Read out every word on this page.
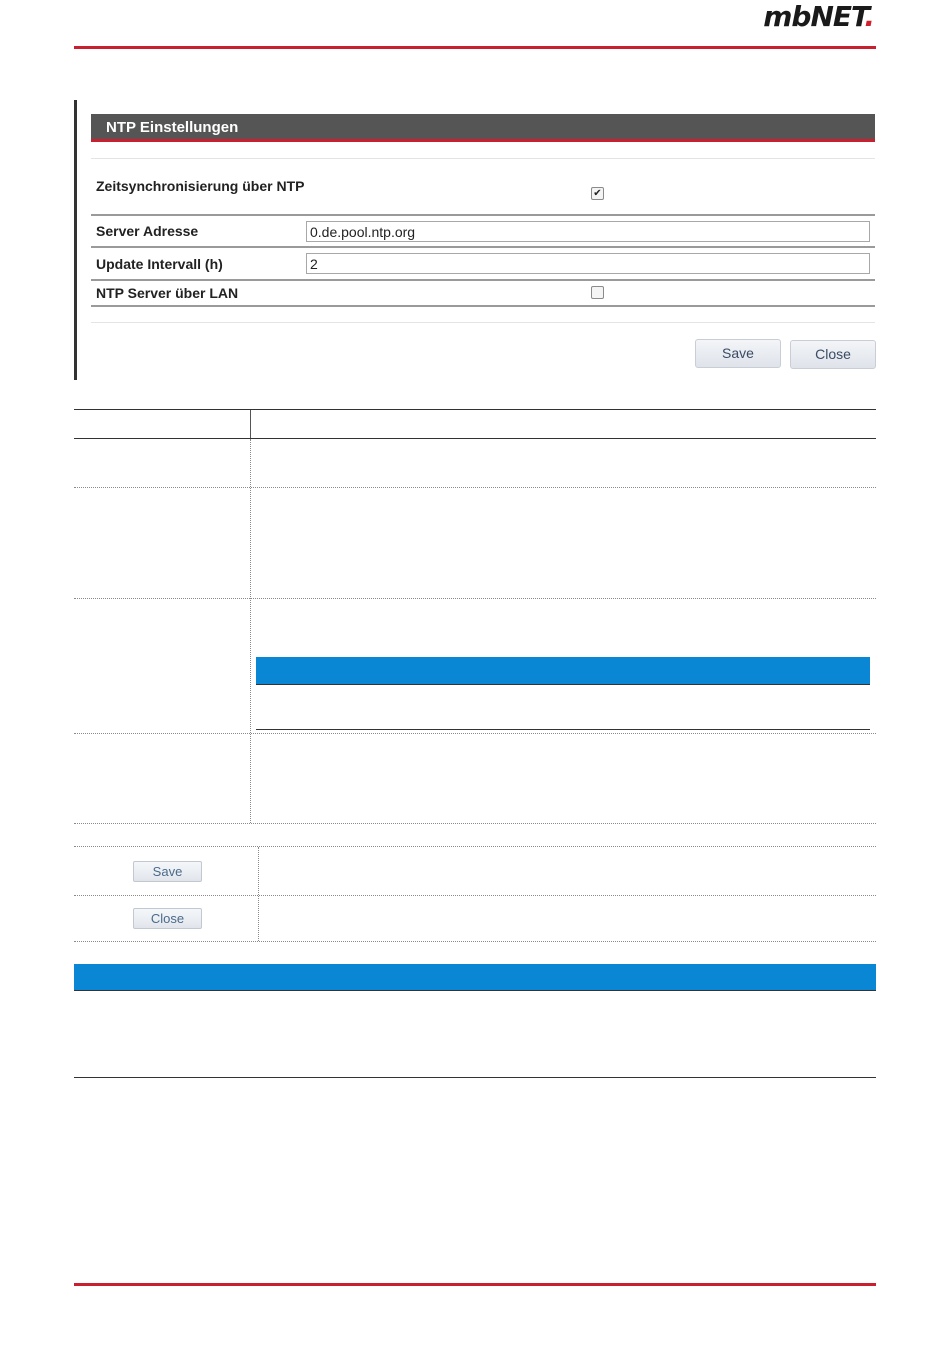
mbNET.
NTP Einstellungen
Zeitsynchronisierung über NTP	✔
Server Adresse
0.de.pool.ntp.org
Update Intervall (h)
2
NTP Server über LAN
Save	Close
Save
Close
